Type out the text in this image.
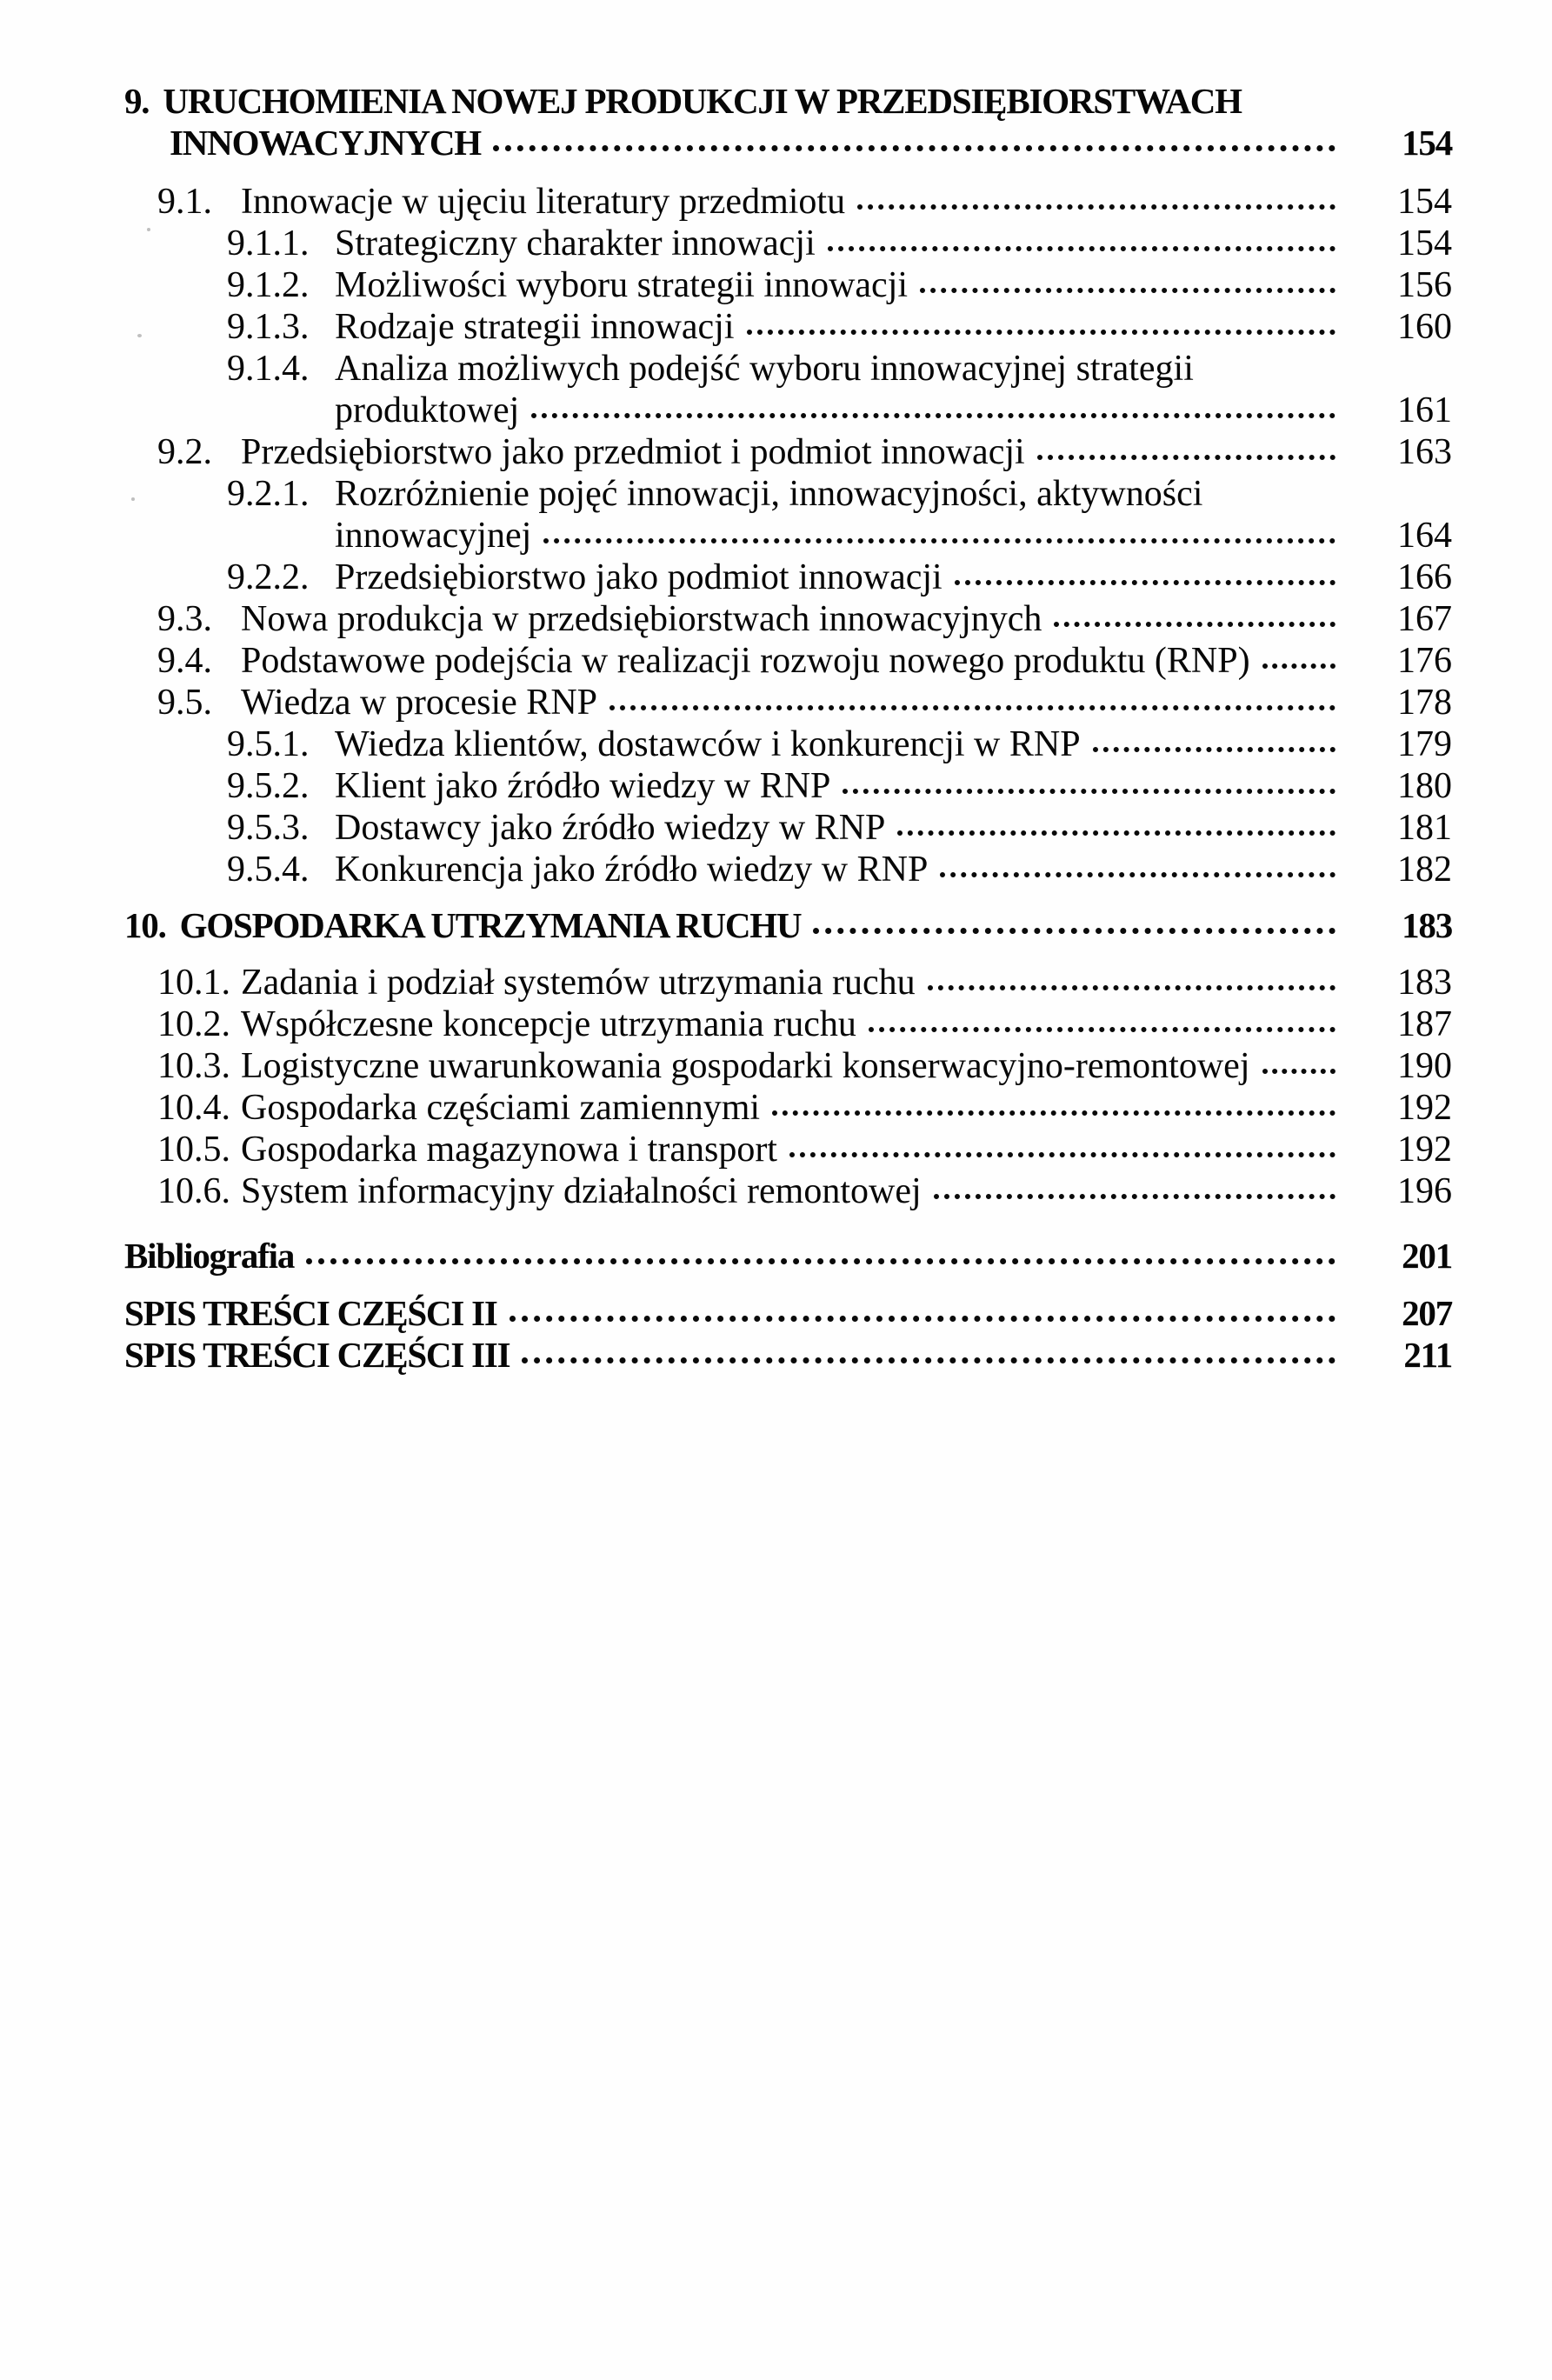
9. URUCHOMIENIA NOWEJ PRODUKCJI W PRZEDSIĘBIORSTWACH
INNOWACYJNYCH	154
9.1. Innowacje w ujęciu literatury przedmiotu	154
9.1.1. Strategiczny charakter innowacji	154
9.1.2. Możliwości wyboru strategii innowacji	156
9.1.3. Rodzaje strategii innowacji	160
9.1.4. Analiza możliwych podejść wyboru innowacyjnej strategii
produktowej	161
9.2. Przedsiębiorstwo jako przedmiot i podmiot innowacji	163
9.2.1. Rozróżnienie pojęć innowacji, innowacyjności, aktywności
innowacyjnej	164
9.2.2. Przedsiębiorstwo jako podmiot innowacji	166
9.3. Nowa produkcja w przedsiębiorstwach innowacyjnych	167
9.4. Podstawowe podejścia w realizacji rozwoju nowego produktu (RNP)	176
9.5. Wiedza w procesie RNP	178
9.5.1. Wiedza klientów, dostawców i konkurencji w RNP	179
9.5.2. Klient jako źródło wiedzy w RNP	180
9.5.3. Dostawcy jako źródło wiedzy w RNP	181
9.5.4. Konkurencja jako źródło wiedzy w RNP	182
10. GOSPODARKA UTRZYMANIA RUCHU	183
10.1. Zadania i podział systemów utrzymania ruchu	183
10.2. Współczesne koncepcje utrzymania ruchu	187
10.3. Logistyczne uwarunkowania gospodarki konserwacyjno-remontowej	190
10.4. Gospodarka częściami zamiennymi	192
10.5. Gospodarka magazynowa i transport	192
10.6. System informacyjny działalności remontowej	196
Bibliografia	201
SPIS TREŚCI CZĘŚCI II	207
SPIS TREŚCI CZĘŚCI III	211
